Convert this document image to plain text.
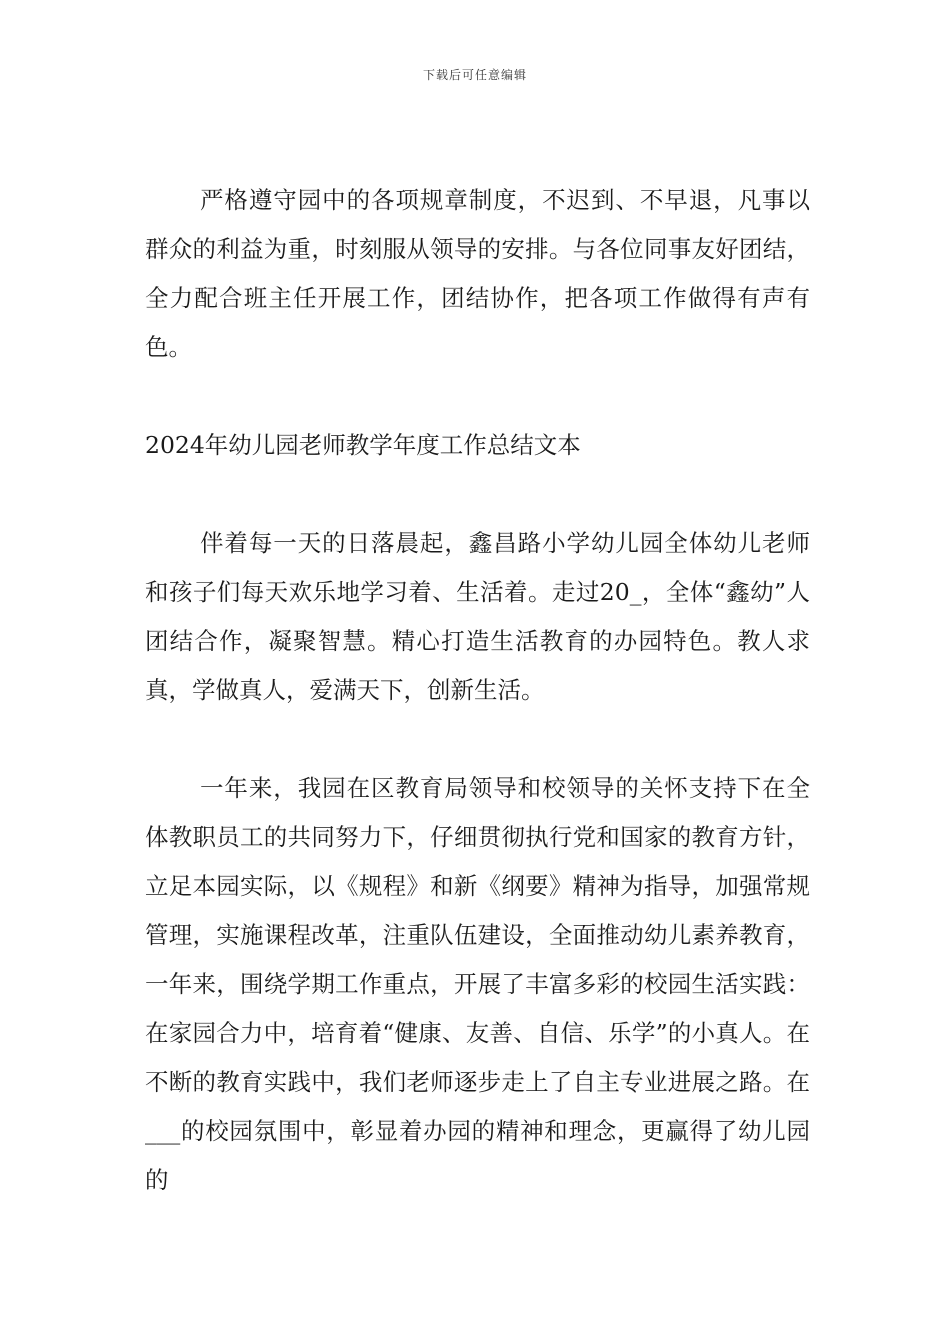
下载后可任意编辑

严格遵守园中的各项规章制度，不迟到、不早退，凡事以群众的利益为重，时刻服从领导的安排。与各位同事友好团结，全力配合班主任开展工作，团结协作，把各项工作做得有声有色。

2024年幼儿园老师教学年度工作总结文本

伴着每一天的日落晨起，鑫昌路小学幼儿园全体幼儿老师和孩子们每天欢乐地学习着、生活着。走过20_，全体“鑫幼”人团结合作，凝聚智慧。精心打造生活教育的办园特色。教人求真，学做真人，爱满天下，创新生活。

一年来，我园在区教育局领导和校领导的关怀支持下在全体教职员工的共同努力下，仔细贯彻执行党和国家的教育方针，立足本园实际，以《规程》和新《纲要》精神为指导，加强常规管理，实施课程改革，注重队伍建设，全面推动幼儿素养教育，一年来，围绕学期工作重点，开展了丰富多彩的校园生活实践：在家园合力中，培育着“健康、友善、自信、乐学”的小真人。在不断的教育实践中，我们老师逐步走上了自主专业进展之路。在___的校园氛围中，彰显着办园的精神和理念，更赢得了幼儿园的
